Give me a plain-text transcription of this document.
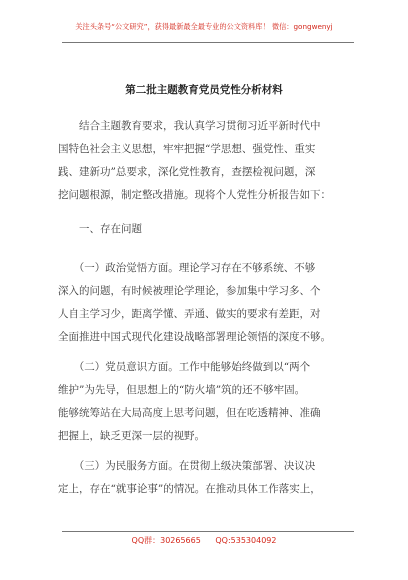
关注头条号“公文研究”，获得最新最全最专业的公文资料库！ 微信：gongwenyj
第二批主题教育党员党性分析材料

　　结合主题教育要求，我认真学习贯彻习近平新时代中
国特色社会主义思想，牢牢把握“学思想、强党性、重实
践、建新功”总要求，深化党性教育，查摆检视问题，深
挖问题根源，制定整改措施。现将个人党性分析报告如下：

　　一、存在问题

　　（一）政治觉悟方面。理论学习存在不够系统、不够
深入的问题，有时候被理论学理论，参加集中学习多、个
人自主学习少，距离学懂、弄通、做实的要求有差距，对
全面推进中国式现代化建设战略部署理论领悟的深度不够。

　　（二）党员意识方面。工作中能够始终做到以“两个
维护”为先导，但思想上的“防火墙”筑的还不够牢固。
能够统筹站在大局高度上思考问题，但在吃透精神、准确
把握上，缺乏更深一层的视野。

　　（三）为民服务方面。在贯彻上级决策部署、决议决
定上，存在“就事论事”的情况。在推动具体工作落实上，

QQ群：30265665 QQ:535304092
